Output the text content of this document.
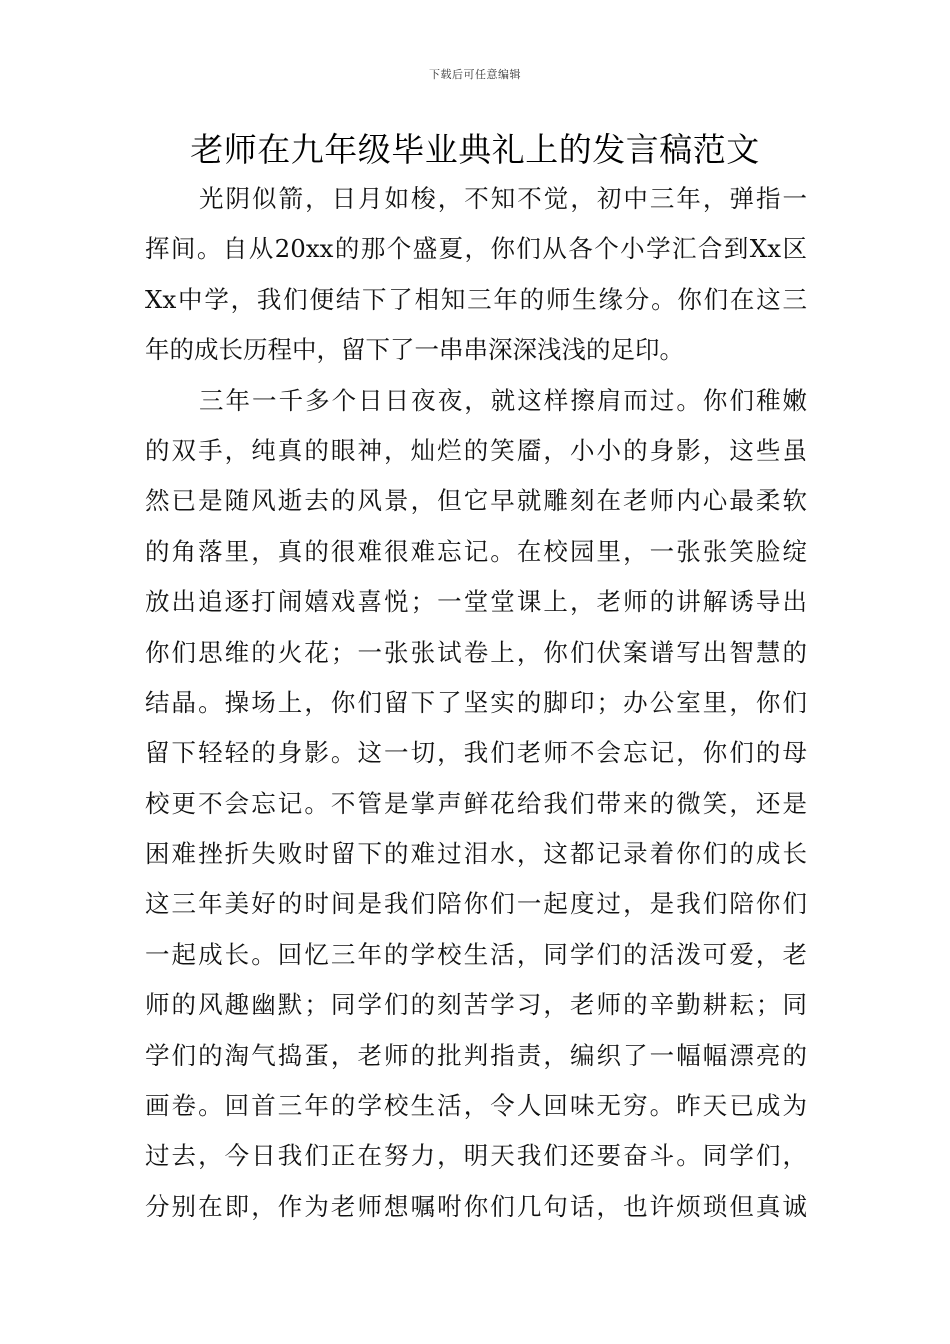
下载后可任意编辑
老师在九年级毕业典礼上的发言稿范文
光阴似箭，日月如梭，不知不觉，初中三年，弹指一
挥间。自从20xx的那个盛夏，你们从各个小学汇合到Xx区
Xx中学，我们便结下了相知三年的师生缘分。你们在这三
年的成长历程中，留下了一串串深深浅浅的足印。
三年一千多个日日夜夜，就这样擦肩而过。你们稚嫩
的双手，纯真的眼神，灿烂的笑靥，小小的身影，这些虽
然已是随风逝去的风景，但它早就雕刻在老师内心最柔软
的角落里，真的很难很难忘记。在校园里，一张张笑脸绽
放出追逐打闹嬉戏喜悦；一堂堂课上，老师的讲解诱导出
你们思维的火花；一张张试卷上，你们伏案谱写出智慧的
结晶。操场上，你们留下了坚实的脚印；办公室里，你们
留下轻轻的身影。这一切，我们老师不会忘记，你们的母
校更不会忘记。不管是掌声鲜花给我们带来的微笑，还是
困难挫折失败时留下的难过泪水，这都记录着你们的成长
这三年美好的时间是我们陪你们一起度过，是我们陪你们
一起成长。回忆三年的学校生活，同学们的活泼可爱，老
师的风趣幽默；同学们的刻苦学习，老师的辛勤耕耘；同
学们的淘气捣蛋，老师的批判指责，编织了一幅幅漂亮的
画卷。回首三年的学校生活，令人回味无穷。昨天已成为
过去，今日我们正在努力，明天我们还要奋斗。同学们，
分别在即，作为老师想嘱咐你们几句话，也许烦琐但真诚
